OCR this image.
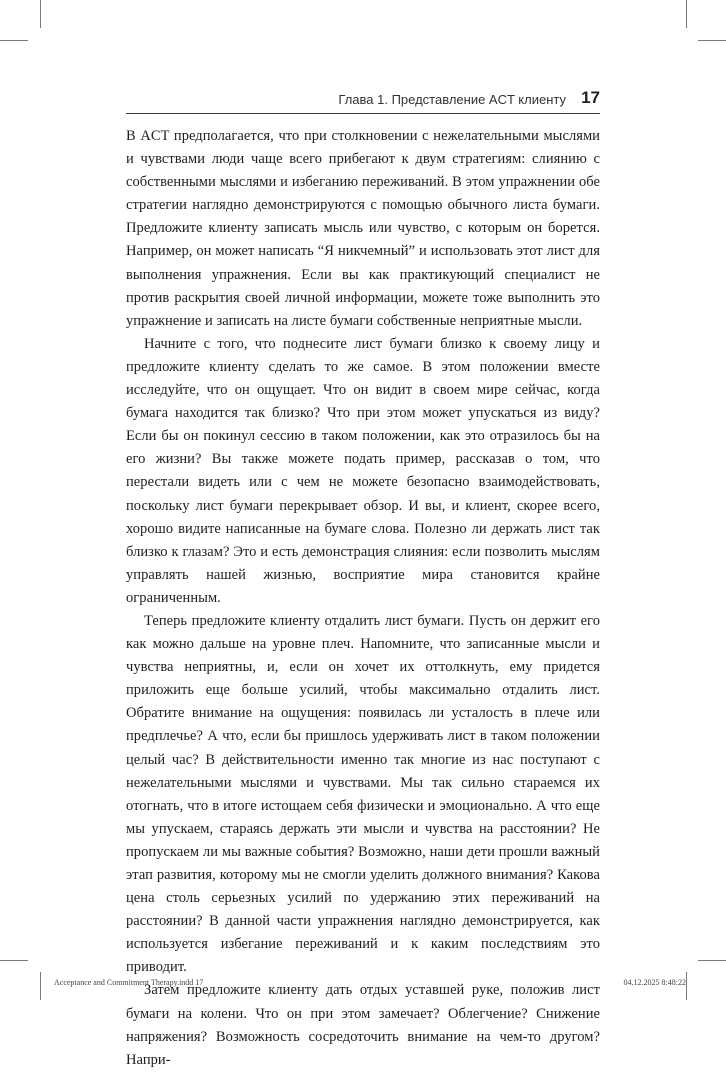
Глава 1. Представление ACT клиенту 17

В ACT предполагается, что при столкновении с нежелательными мыслями и чувствами люди чаще всего прибегают к двум стратегиям: слиянию с собственными мыслями и избеганию переживаний. В этом упражнении обе стратегии наглядно демонстрируются с помощью обычного листа бумаги. Предложите клиенту записать мысль или чувство, с которым он борется. Например, он может написать “Я никчемный” и использовать этот лист для выполнения упражнения. Если вы как практикующий специалист не против раскрытия своей личной информации, можете тоже выполнить это упражнение и записать на листе бумаги собственные неприятные мысли.

Начните с того, что поднесите лист бумаги близко к своему лицу и предложите клиенту сделать то же самое. В этом положении вместе исследуйте, что он ощущает. Что он видит в своем мире сейчас, когда бумага находится так близко? Что при этом может упускаться из виду? Если бы он покинул сессию в таком положении, как это отразилось бы на его жизни? Вы также можете подать пример, рассказав о том, что перестали видеть или с чем не можете безопасно взаимодействовать, поскольку лист бумаги перекрывает обзор. И вы, и клиент, скорее всего, хорошо видите написанные на бумаге слова. Полезно ли держать лист так близко к глазам? Это и есть демонстрация слияния: если позволить мыслям управлять нашей жизнью, восприятие мира становится крайне ограниченным.

Теперь предложите клиенту отдалить лист бумаги. Пусть он держит его как можно дальше на уровне плеч. Напомните, что записанные мысли и чувства неприятны, и, если он хочет их оттолкнуть, ему придется приложить еще больше усилий, чтобы максимально отдалить лист. Обратите внимание на ощущения: появилась ли усталость в плече или предплечье? А что, если бы пришлось удерживать лист в таком положении целый час? В действительности именно так многие из нас поступают с нежелательными мыслями и чувствами. Мы так сильно стараемся их отогнать, что в итоге истощаем себя физически и эмоционально. А что еще мы упускаем, стараясь держать эти мысли и чувства на расстоянии? Не пропускаем ли мы важные события? Возможно, наши дети прошли важный этап развития, которому мы не смогли уделить должного внимания? Какова цена столь серьезных усилий по удержанию этих переживаний на расстоянии? В данной части упражнения наглядно демонстрируется, как используется избегание переживаний и к каким последствиям это приводит.

Затем предложите клиенту дать отдых уставшей руке, положив лист бумаги на колени. Что он при этом замечает? Облегчение? Снижение напряжения? Возможность сосредоточить внимание на чем-то другом? Напри-

Acceptance and Commitment Therapy.indd 17	04.12.2025 8:48:22
